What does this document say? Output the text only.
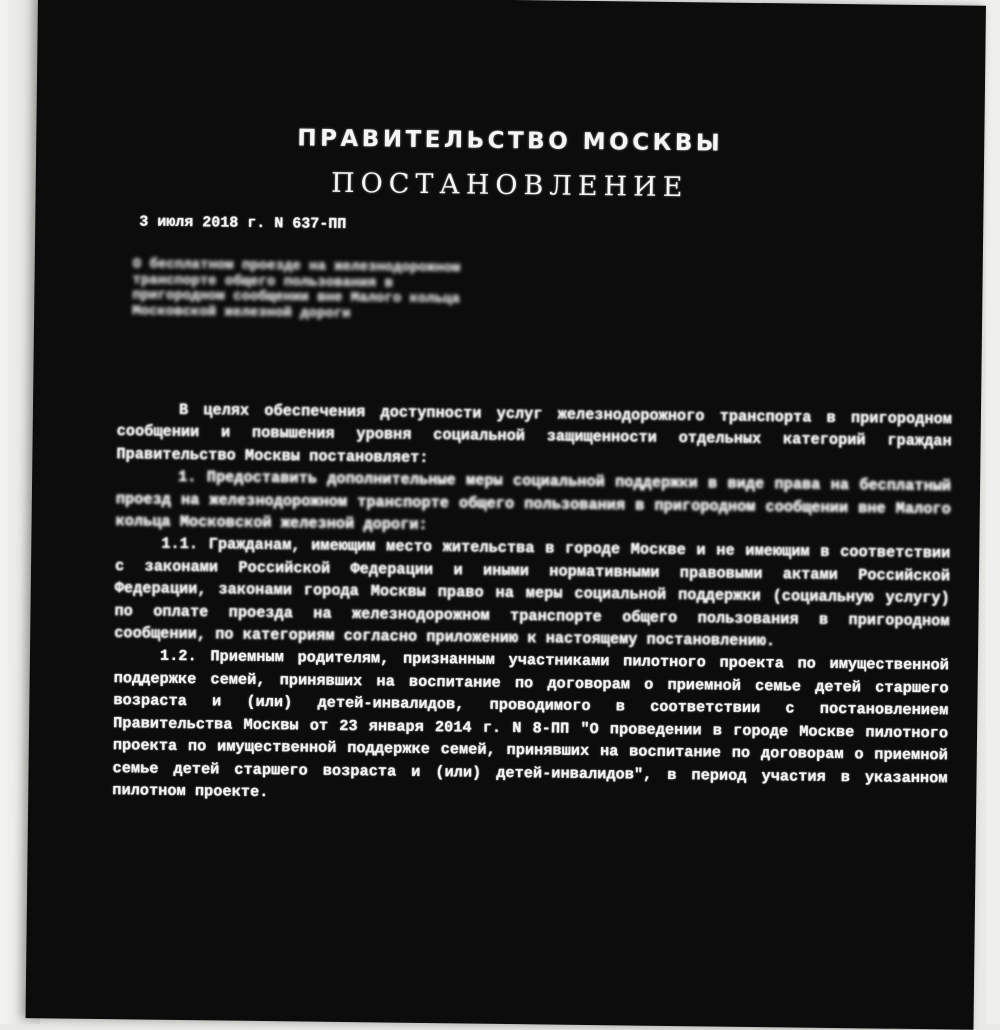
ПРАВИТЕЛЬСТВО МОСКВЫ
ПОСТАНОВЛЕНИЕ
3 июля 2018 г. N 637-ПП
О бесплатном проезде на железнодорожном транспорте общего пользования в пригородном сообщении вне Малого кольца Московской железной дороги

В целях обеспечения доступности услуг железнодорожного транспорта в пригородном сообщении и повышения уровня социальной защищенности отдельных категорий граждан Правительство Москвы постановляет:

1. Предоставить дополнительные меры социальной поддержки в виде права на бесплатный проезд на железнодорожном транспорте общего пользования в пригородном сообщении вне Малого кольца Московской железной дороги:

1.1. Гражданам, имеющим место жительства в городе Москве и не имеющим в соответствии с законами Российской Федерации и иными нормативными правовыми актами Российской Федерации, законами города Москвы право на меры социальной поддержки (социальную услугу) по оплате проезда на железнодорожном транспорте общего пользования в пригородном сообщении, по категориям согласно приложению к настоящему постановлению.

1.2. Приемным родителям, признанным участниками пилотного проекта по имущественной поддержке семей, принявших на воспитание по договорам о приемной семье детей старшего возраста и (или) детей-инвалидов, проводимого в соответствии с постановлением Правительства Москвы от 23 января 2014 г. N 8-ПП "О проведении в городе Москве пилотного проекта по имущественной поддержке семей, принявших на воспитание по договорам о приемной семье детей старшего возраста и (или) детей-инвалидов", в период участия в указанном пилотном проекте.
